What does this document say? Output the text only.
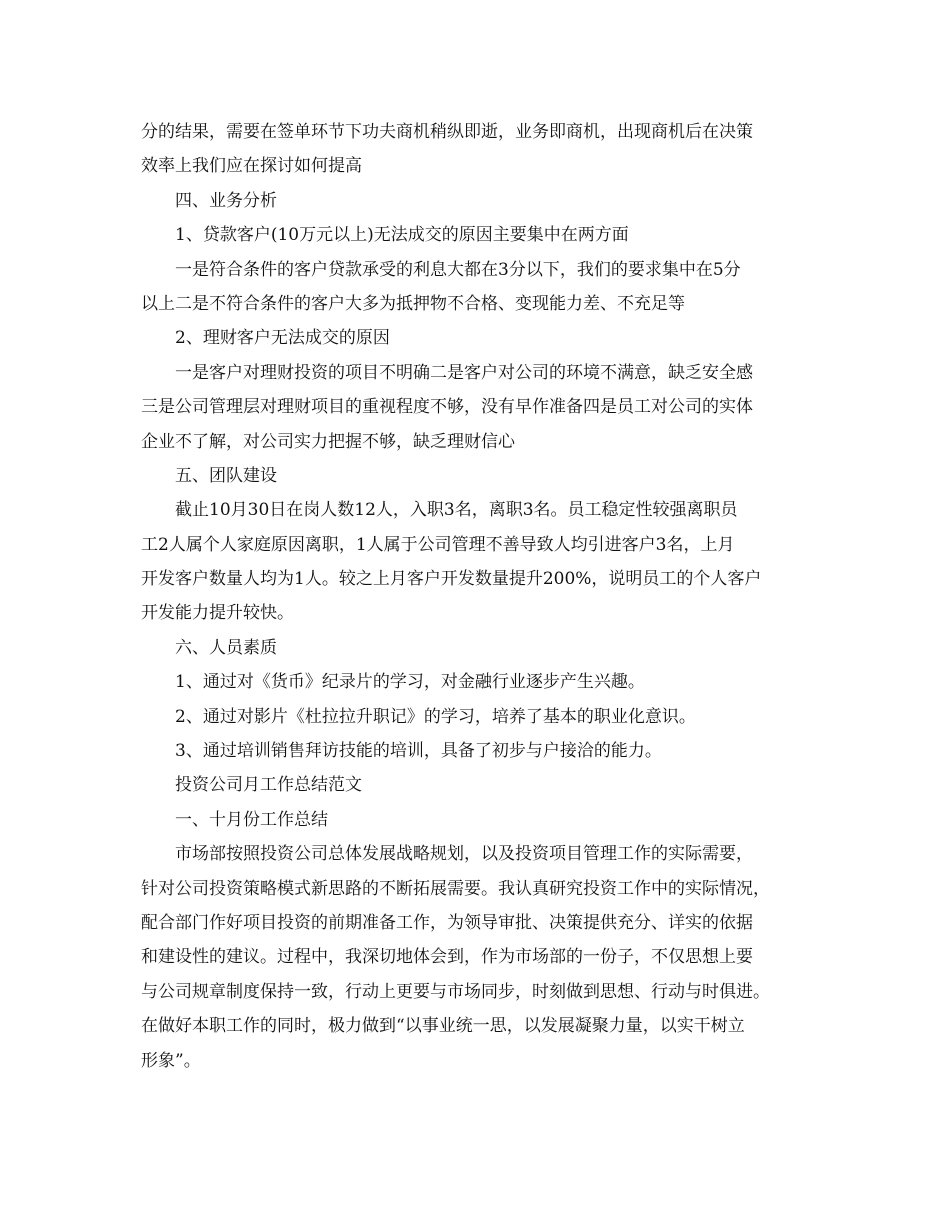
分的结果，需要在签单环节下功夫商机稍纵即逝，业务即商机，出现商机后在决策
效率上我们应在探讨如何提高
四、业务分析
1、贷款客户(10万元以上)无法成交的原因主要集中在两方面
一是符合条件的客户贷款承受的利息大都在3分以下，我们的要求集中在5分
以上二是不符合条件的客户大多为抵押物不合格、变现能力差、不充足等
2、理财客户无法成交的原因
一是客户对理财投资的项目不明确二是客户对公司的环境不满意，缺乏安全感
三是公司管理层对理财项目的重视程度不够，没有早作准备四是员工对公司的实体
企业不了解，对公司实力把握不够，缺乏理财信心
五、团队建设
截止10月30日在岗人数12人，入职3名，离职3名。员工稳定性较强离职员
工2人属个人家庭原因离职，1人属于公司管理不善导致人均引进客户3名，上月
开发客户数量人均为1人。较之上月客户开发数量提升200%，说明员工的个人客户
开发能力提升较快。
六、人员素质
1、通过对《货币》纪录片的学习，对金融行业逐步产生兴趣。
2、通过对影片《杜拉拉升职记》的学习，培养了基本的职业化意识。
3、通过培训销售拜访技能的培训，具备了初步与户接洽的能力。
投资公司月工作总结范文
一、十月份工作总结
市场部按照投资公司总体发展战略规划，以及投资项目管理工作的实际需要，
针对公司投资策略模式新思路的不断拓展需要。我认真研究投资工作中的实际情况，
配合部门作好项目投资的前期准备工作，为领导审批、决策提供充分、详实的依据
和建设性的建议。过程中，我深切地体会到，作为市场部的一份子，不仅思想上要
与公司规章制度保持一致，行动上更要与市场同步，时刻做到思想、行动与时俱进。
在做好本职工作的同时，极力做到“以事业统一思，以发展凝聚力量，以实干树立
形象”。
